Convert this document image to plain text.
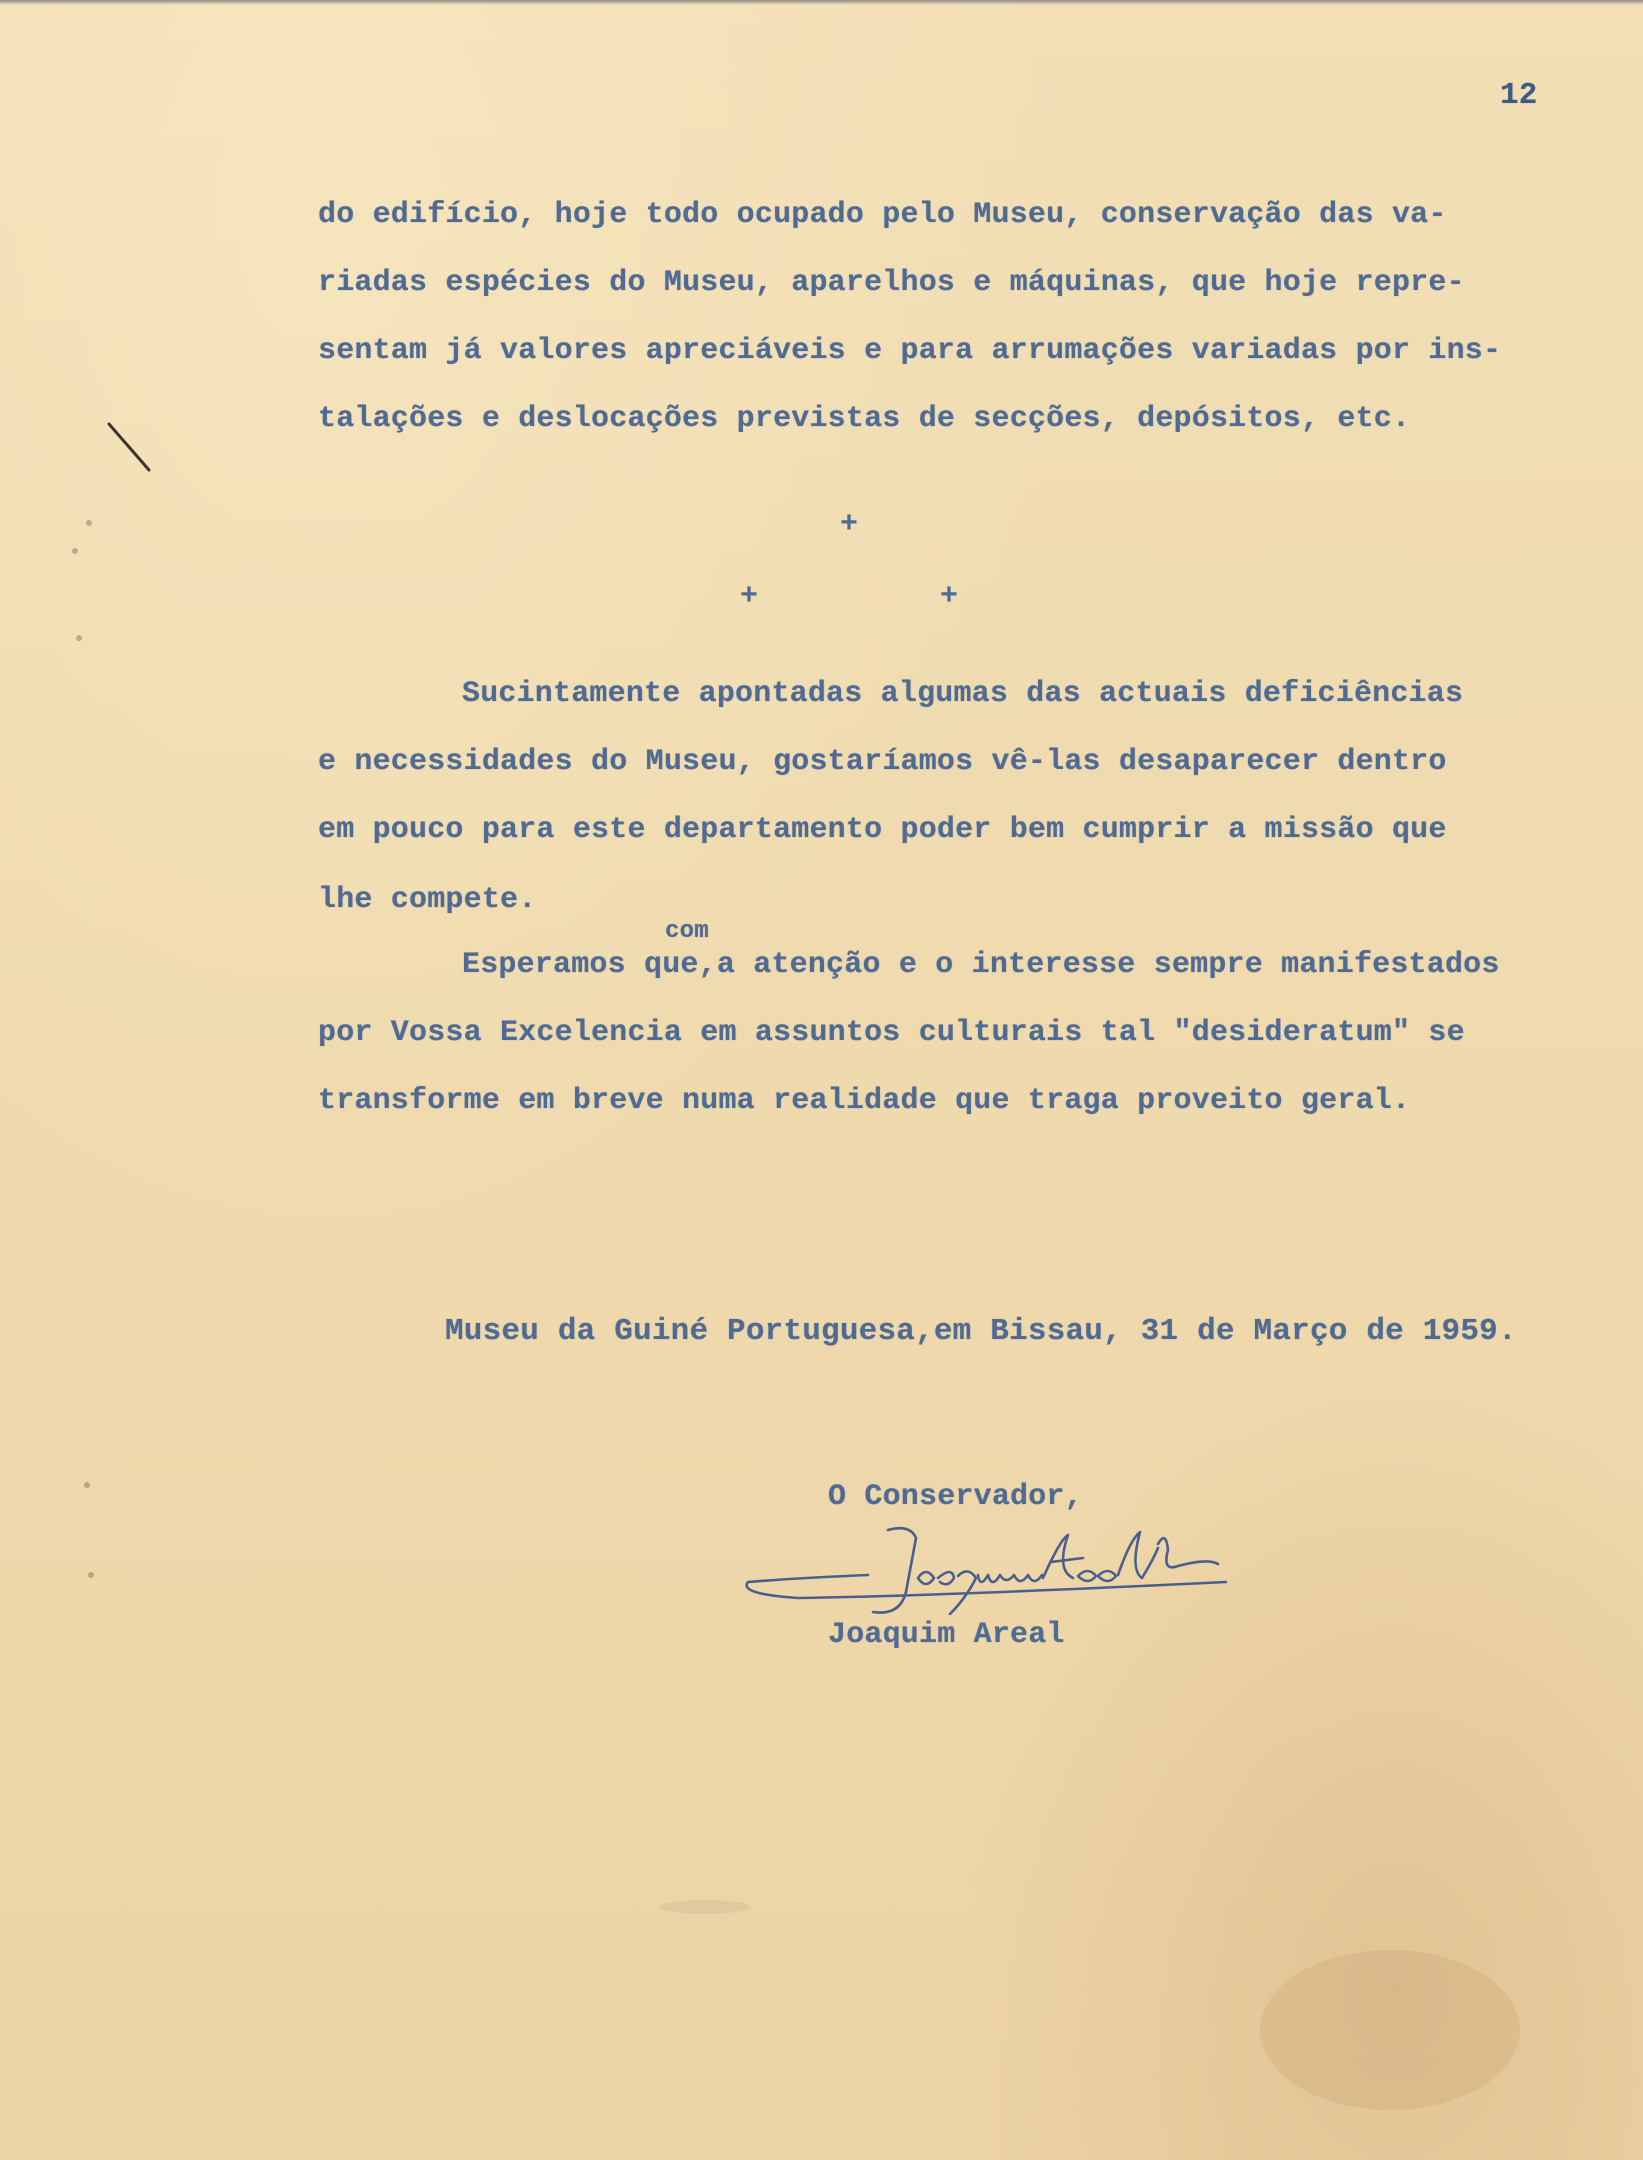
12

do edifício, hoje todo ocupado pelo Museu, conservação das va-

riadas espécies do Museu, aparelhos e máquinas, que hoje repre-

sentam já valores apreciáveis e para arrumações variadas por ins-

talações e deslocações previstas de secções, depósitos, etc.

+
+	+

Sucintamente apontadas algumas das actuais deficiências

e necessidades do Museu, gostaríamos vê-las desaparecer dentro

em pouco para este departamento poder bem cumprir a missão que

lhe compete.

com

Esperamos que,a atenção e o interesse sempre manifestados

por Vossa Excelencia em assuntos culturais tal "desideratum" se

transforme em breve numa realidade que traga proveito geral.

Museu da Guiné Portuguesa,em Bissau, 31 de Março de 1959.

O Conservador,

Joaquim Areal
